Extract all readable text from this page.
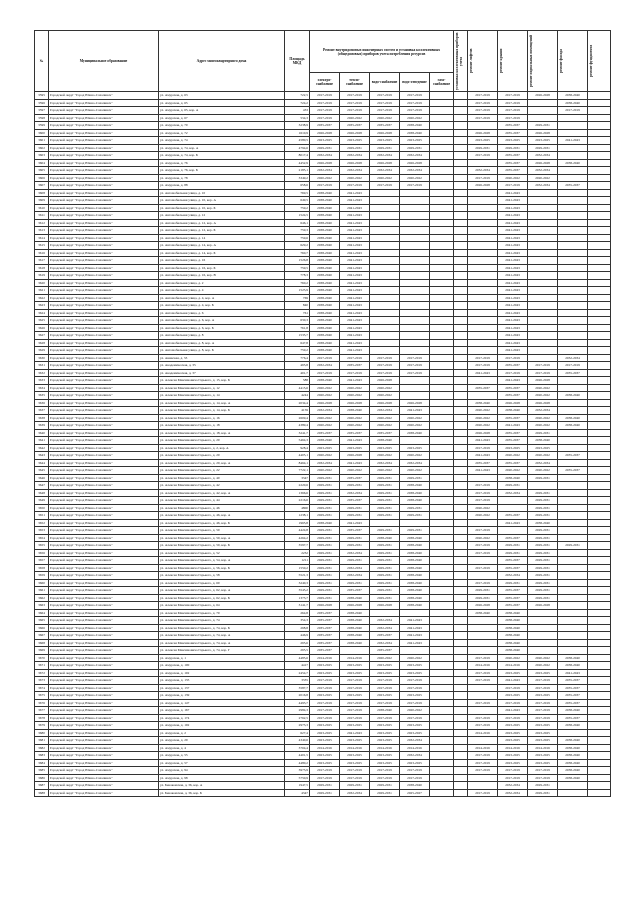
№	Муниципальное образование	Адрес многоквартирного дома	Площадь МКД	Ремонт внутридомовых инженерных систем и установка коллективных (общедомовых) приборов учета потребления ресурсов					установка коллективных приборов учета	ремонт лифтов	ремонт крыши	ремонт подвальных помещений	ремонт фасада	ремонт фундамента

				электро-снабжение	тепло-снабжение	водо-снабжение	водо-отведение	газо-снабжение						
3595	Городской округ "Город Южно-Сахалинск"	ул. Амурская, д. 63	722,5	2017-2019	2017-2019	2017-2019	2017-2019			2017-2019	2017-2019	2026-2028	2038-2040	
3596	Городской округ "Город Южно-Сахалинск"	ул. Амурская, д. 65	724,2	2017-2019	2017-2019	2017-2019	2017-2019			2017-2019	2017-2019		2038-2040	
3597	Городской округ "Город Южно-Сахалинск"	ул. Амурская, д. 65, кор. А	433	2017-2019	2017-2019	2017-2019	2017-2019			2017-2019	2017-2019		2017-2019	
3598	Городской округ "Город Южно-Сахалинск"	ул. Амурская, д. 67	534,3	2017-2019	2020-2022	2020-2022	2020-2022			2017-2019	2017-2019			
3599	Городской округ "Город Южно-Сахалинск"	ул. Амурская, д. 70	3238,9	2035-2037	2035-2037	2035-2037	2038-2040				2035-2037	2029-2031		
3600	Городской округ "Город Южно-Сахалинск"	ул. Амурская, д. 72	1610,9	2026-2028	2026-2028	2026-2028	2038-2040			2026-2028	2035-2037	2026-2028		
3601	Городской округ "Город Южно-Сахалинск"	ул. Амурская, д. 74	4580,5	2023-2025	2023-2025	2023-2025	2023-2025			2023-2025	2023-2025	2023-2025	2041-2043	
3602	Городской округ "Город Южно-Сахалинск"	ул. Амурская, д. 74, кор. А	4794,6	2029-2031	2029-2031	2029-2031	2029-2031			2029-2031	2029-2031	2029-2031		
3603	Городской округ "Город Южно-Сахалинск"	ул. Амурская, д. 74, кор. Б	8017,4	2032-2034	2032-2034	2032-2034	2032-2034			2017-2019	2035-2037	2032-2034		
3604	Городской округ "Город Южно-Сахалинск"	ул. Амурская, д. 76	4452,9	2026-2028	2026-2028	2026-2028	2026-2028				2035-2037	2026-2028	2038-2040	
3605	Городской округ "Город Южно-Сахалинск"	ул. Амурская, д. 76, кор. Б	2185,1	2032-2034	2032-2034	2032-2034	2032-2034			2032-2034	2035-2037	2032-2034		
3606	Городской округ "Город Южно-Сахалинск"	ул. Амурская, д. 78	3349,2	2020-2022	2020-2022	2020-2022	2020-2022			2017-2019	2020-2022	2020-2022		
3607	Городской округ "Город Южно-Сахалинск"	ул. Амурская, д. 88	658,6	2017-2019	2017-2019	2017-2019	2017-2019			2026-2028	2017-2019	2032-2034	2035-2037	
3608	Городской округ "Город Южно-Сахалинск"	ул. Автомобильная улица, д. 10	769,5	2038-2040	2041-2043						2041-2043			
3609	Городской округ "Город Южно-Сахалинск"	ул. Автомобильная улица, д. 10, кор. А	649,5	2038-2040	2041-2043						2041-2043			
3610	Городской округ "Город Южно-Сахалинск"	ул. Автомобильная улица, д. 10, кор. Б	759,2	2038-2040	2041-2043						2041-2043			
3611	Городской округ "Город Южно-Сахалинск"	ул. Автомобильная улица, д. 12	1524,5	2038-2040	2041-2043						2041-2043			
3612	Городской округ "Город Южно-Сахалинск"	ул. Автомобильная улица, д. 12, кор. А	646,1	2038-2040	2041-2043						2041-2043			
3613	Городской округ "Город Южно-Сахалинск"	ул. Автомобильная улица, д. 12, кор. Б	759,3	2038-2040	2041-2043						2041-2043			
3614	Городской округ "Город Южно-Сахалинск"	ул. Автомобильная улица, д. 14	759,6	2038-2040	2041-2043						2041-2043			
3615	Городской округ "Город Южно-Сахалинск"	ул. Автомобильная улица, д. 14, кор. А	629,2	2038-2040	2041-2043						2041-2043			
3616	Городской округ "Город Южно-Сахалинск"	ул. Автомобильная улица, д. 14, кор. Б	760,7	2038-2040	2041-2043						2041-2043			
3617	Городской округ "Город Южно-Сахалинск"	ул. Автомобильная улица, д. 16	1526,8	2038-2040	2041-2043						2041-2043			
3618	Городской округ "Город Южно-Сахалинск"	ул. Автомобильная улица, д. 16, кор. Б	759,5	2038-2040	2041-2043						2041-2043			
3619	Городской округ "Город Южно-Сахалинск"	ул. Автомобильная улица, д. 16, кор. В	778,3	2038-2040	2041-2043						2041-2043			
3620	Городской округ "Город Южно-Сахалинск"	ул. Автомобильная улица, д. 2	760,2	2038-2040	2041-2043						2041-2043			
3621	Городской округ "Город Южно-Сахалинск"	ул. Автомобильная улица, д. 4	1523,9	2038-2040	2041-2043						2041-2043			
3622	Городской округ "Город Южно-Сахалинск"	ул. Автомобильная улица, д. 4, кор. А	769	2038-2040	2041-2043						2041-2043			
3623	Городской округ "Город Южно-Сахалинск"	ул. Автомобильная улица, д. 4, кор. Б	840	2038-2040	2041-2043						2041-2043			
3624	Городской округ "Город Южно-Сахалинск"	ул. Автомобильная улица, д. 6	761	2038-2040	2041-2043						2041-2043			
3625	Городской округ "Город Южно-Сахалинск"	ул. Автомобильная улица, д. 6, кор. А	630,3	2038-2040	2041-2043						2041-2043			
3626	Городской округ "Город Южно-Сахалинск"	ул. Автомобильная улица, д. 6, кор. Б	761,8	2038-2040	2041-2043						2041-2043			
3627	Городской округ "Город Южно-Сахалинск"	ул. Автомобильная улица, д. 8	1535,7	2038-2040	2041-2043						2041-2043			
3628	Городской округ "Город Южно-Сахалинск"	ул. Автомобильная улица, д. 8, кор. А	647,8	2038-2040	2041-2043						2041-2043			
3629	Городской округ "Город Южно-Сахалинск"	ул. Автомобильная улица, д. 8, кор. Б	759,2	2038-2040	2041-2043						2041-2043			
3630	Городской округ "Город Южно-Сахалинск"	ул. Анивская, д. 33	776,4	2017-2019	2017-2019	2017-2019	2017-2019			2017-2019	2017-2019		2032-2034	
3631	Городской округ "Город Южно-Сахалинск"	ул. Академическая, д. 35	495,8	2032-2034	2035-2037	2017-2019	2017-2019			2017-2019	2035-2037	2017-2019	2017-2019	
3632	Городской округ "Город Южно-Сахалинск"	ул. Академическая, д. 37	401,7	2017-2019	2017-2019	2017-2019	2017-2019			2041-2043	2017-2019	2017-2019	2035-2037	
3633	Городской округ "Город Южно-Сахалинск"	ул. Алексея Максимовича Горького, д. 15, кор. Б	588	2038-2040	2041-2043	2026-2028					2041-2043	2026-2028		
3634	Городской округ "Город Южно-Сахалинск"	ул. Алексея Максимовича Горького, д. 12	4415,6	2020-2022	2020-2022	2020-2022				2035-2037	2035-2037	2020-2022		
3635	Городской округ "Город Южно-Сахалинск"	ул. Алексея Максимовича Горького, д. 14	4244	2020-2022	2020-2022	2020-2022					2035-2037	2020-2022	2038-2040	
3636	Городской округ "Город Южно-Сахалинск"	ул. Алексея Максимовича Горького, д. 14, кор. А	2034,4	2026-2028	2026-2028	2026-2028	2026-2028			2038-2040	2026-2028	2026-2028		
3637	Городской округ "Город Южно-Сахалинск"	ул. Алексея Максимовича Горького, д. 14, кор. Б	4159	2032-2034	2038-2040	2032-2034	2041-2043			2020-2022	2038-2040	2032-2034		
3638	Городской округ "Город Южно-Сахалинск"	ул. Алексея Максимовича Горького, д. 16	2609,4	2020-2022	2020-2022	2020-2022	2020-2022			2020-2022	2035-2037	2020-2022	2038-2040	
3639	Городской округ "Город Южно-Сахалинск"	ул. Алексея Максимовича Горького, д. 18	4389,4	2020-2022	2020-2022	2020-2022	2020-2022			2020-2022	2041-2043	2020-2022	2038-2040	
3640	Городской округ "Город Южно-Сахалинск"	ул. Алексея Максимовича Горького, д. 18, кор. А	3241,7	2035-2037	2035-2037	2035-2037	2038-2040			2026-2028	2035-2037	2029-2031		
3641	Городской округ "Город Южно-Сахалинск"	ул. Алексея Максимовича Горького, д. 20	5464,3	2038-2040	2041-2043	2038-2040				2041-2043	2035-2037	2038-2040		
3642	Городской округ "Город Южно-Сахалинск"	ул. Алексея Максимовича Горького, д. 2, кор. А	928,4	2023-2025	2023-2025	2023-2025	2023-2025			2017-2019	2023-2025	2023-2025		
3643	Городской округ "Город Южно-Сахалинск"	ул. Алексея Максимовича Горького, д. 20	4405,1	2020-2022	2026-2028	2020-2022	2020-2022			2041-2043	2020-2022	2020-2022	2035-2037	
3644	Городской округ "Город Южно-Сахалинск"	ул. Алексея Максимовича Горького, д. 20, кор. А	8464,1	2032-2034	2041-2043	2032-2034	2032-2034			2035-2037	2035-2037	2032-2034		
3645	Городской округ "Город Южно-Сахалинск"	ул. Алексея Максимовича Горького, д. 22	7722,1	2020-2022	2020-2022	2020-2022	2020-2022			2041-2043	2020-2022	2020-2022	2035-2037	
3646	Городской округ "Город Южно-Сахалинск"	ул. Алексея Максимовича Горького, д. 40	3347	2029-2031	2035-2037	2029-2031	2029-2031				2038-2040	2029-2031		
3647	Городской округ "Город Южно-Сахалинск"	ул. Алексея Максимовича Горького, д. 42	2220,6	2029-2031	2029-2031	2029-2031	2038-2040			2017-2019	2029-2031			
3648	Городской округ "Город Южно-Сахалинск"	ул. Алексея Максимовича Горького, д. 42, кор. А	1366,6	2029-2031	2032-2034	2029-2031	2038-2040			2017-2019	2032-2034	2029-2031		
3649	Городской округ "Город Южно-Сахалинск"	ул. Алексея Максимовича Горького, д. 44	2216,6	2029-2031	2035-2037	2029-2031	2038-2040			2017-2019		2029-2031		
3650	Городской округ "Город Южно-Сахалинск"	ул. Алексея Максимовича Горького, д. 46	4800	2029-2031	2029-2031	2029-2031	2029-2031			2020-2022		2029-2031		
3651	Городской округ "Город Южно-Сахалинск"	ул. Алексея Максимовича Горького, д. 46, кор. А	1238,1	2029-2031	2029-2031	2029-2031	2029-2031			2020-2022	2035-2037	2029-2031		
3652	Городской округ "Город Южно-Сахалинск"	ул. Алексея Максимовича Горького, д. 46, кор. Б	1965,8	2038-2040	2041-2043						2041-2043	2038-2040		
3653	Городской округ "Город Южно-Сахалинск"	ул. Алексея Максимовича Горького, д. 50	4424,8	2029-2031	2035-2037	2029-2031	2029-2031			2017-2019		2029-2031		
3654	Городской округ "Город Южно-Сахалинск"	ул. Алексея Максимовича Горького, д. 50, кор. А	4264,2	2029-2031	2029-2031	2038-2040	2038-2040			2020-2022	2035-2037	2029-2031		
3655	Городской округ "Город Южно-Сахалинск"	ул. Алексея Максимовича Горького, д. 50, кор. Б	3597,7	2029-2031	2029-2031	2029-2031	2038-2040			2017-2019	2029-2031	2029-2031	2029-2031	
3656	Городской округ "Город Южно-Сахалинск"	ул. Алексея Максимовича Горького, д. 52	2232	2029-2031	2032-2034	2029-2031	2038-2040			2017-2019	2029-2031	2029-2031		
3657	Городской округ "Город Южно-Сахалинск"	ул. Алексея Максимовича Горького, д. 54, кор. А	1211	2029-2031	2029-2031	2029-2031	2038-2040				2035-2037	2029-2031		
3658	Городской округ "Город Южно-Сахалинск"	ул. Алексея Максимовича Горького, д. 56, кор. Б	1550,2	2029-2031	2032-2034	2029-2031	2038-2040			2017-2019	2035-2037	2029-2031		
3659	Городской округ "Город Южно-Сахалинск"	ул. Алексея Максимовича Горького, д. 58	5521,3	2029-2031	2032-2034	2029-2031	2038-2040				2032-2034	2029-2031		
3660	Городской округ "Город Южно-Сахалинск"	ул. Алексея Максимовича Горького, д. 60	3240,3	2029-2031	2029-2031	2029-2031	2038-2040			2017-2019	2029-2031	2029-2031		
3661	Городской округ "Город Южно-Сахалинск"	ул. Алексея Максимовича Горького, д. 62, кор. А	3545,2	2029-2031	2035-2037	2029-2031	2038-2040			2029-2031	2035-2037	2029-2031		
3662	Городской округ "Город Южно-Сахалинск"	ул. Алексея Максимовича Горького, д. 62, кор. Б	1373,7	2029-2031	2038-2040	2029-2031	2038-2040			2029-2031	2035-2037	2029-2031		
3663	Городской округ "Город Южно-Сахалинск"	ул. Алексея Максимовича Горького, д. 64	3141,7	2026-2028	2026-2028	2026-2028	2038-2040			2026-2028	2035-2037	2026-2028		
3664	Городской округ "Город Южно-Сахалинск"	ул. Алексея Максимовича Горького, д. 70	264,8	2035-2037	2038-2040					2038-2040	2038-2040			
3665	Городской округ "Город Южно-Сахалинск"	ул. Алексея Максимовича Горького, д. 74	354,3	2035-2037	2038-2040	2032-2034	2041-2043				2038-2040			
3666	Городской округ "Город Южно-Сахалинск"	ул. Алексея Максимовича Горького, д. 74, кор. Б	298,8	2035-2037	2038-2040	2032-2034	2041-2043				2038-2040			
3667	Городской округ "Город Южно-Сахалинск"	ул. Алексея Максимовича Горького, д. 74, кор. А	446,9	2035-2037	2038-2040	2035-2037	2041-2043				2038-2040			
3668	Городской округ "Город Южно-Сахалинск"	ул. Алексея Максимовича Горького, д. 74, кор. А	295,6	2035-2037	2038-2040	2032-2034	2041-2043				2038-2040			
3669	Городской округ "Город Южно-Сахалинск"	ул. Алексея Максимовича Горького, д. 74, кор. Г	295,5	2035-2037		2035-2037					2038-2040			
3670	Городской округ "Город Южно-Сахалинск"	ул. Амурская, д. 1	4485,6	2014-2016	2014-2016	2020-2022	2020-2022			2017-2019	2020-2022	2020-2022	2038-2040	
3671	Городской округ "Город Южно-Сахалинск"	ул. Амурская, д. 100	4417	2023-2025	2023-2025	2023-2025	2023-2025			2014-2016	2014-2016	2020-2022	2038-2040	
3672	Городской округ "Город Южно-Сахалинск"	ул. Амурская, д. 102	2454,7	2023-2025	2023-2025	2023-2025	2023-2025			2017-2019	2023-2025	2023-2025	2041-2043	
3673	Городской округ "Город Южно-Сахалинск"	ул. Амурская, д. 135	3335	2017-2019	2017-2019	2017-2019	2017-2019			2017-2019	2041-2043	2017-2019	2035-2037	
3674	Городской округ "Город Южно-Сахалинск"	ул. Амурская, д. 137	3587,7	2017-2019	2017-2019	2017-2019	2017-2019				2017-2019	2017-2019	2035-2037	
3675	Городской округ "Город Южно-Сахалинск"	ул. Амурская, д. 139	2016,8	2023-2025	2023-2025	2023-2025	2023-2025				2023-2025	2023-2025	2035-2037	
3676	Городской округ "Город Южно-Сахалинск"	ул. Амурская, д. 147	4493,7	2017-2019	2017-2019	2017-2019	2017-2019			2017-2019	2017-2019	2017-2019	2035-2037	
3677	Городской округ "Город Южно-Сахалинск"	ул. Амурская, д. 167	2984,3	2017-2019	2017-2019	2038-2040	2020-2022				2041-2043	2017-2019	2038-2040	
3678	Городской округ "Город Южно-Сахалинск"	ул. Амурская, д. 174	2762,5	2017-2019	2017-2019	2017-2019	2017-2019			2017-2019	2017-2019	2017-2019	2035-2037	
3679	Городской округ "Город Южно-Сахалинск"	ул. Амурская, д. 192	2973,3	2023-2025	2023-2025	2023-2025	2023-2025			2017-2019	2023-2025	2023-2025	2038-2040	
3680	Городской округ "Город Южно-Сахалинск"	ул. Амурская, д. 2	627,4	2023-2025	2041-2043	2023-2025	2023-2025			2014-2016	2023-2025	2023-2025		
3681	Городской округ "Город Южно-Сахалинск"	ул. Амурская, д. 29	4340,6	2023-2025	2023-2025	2023-2025	2032-2034				2023-2025	2023-2025	2038-2040	
3682	Городской округ "Город Южно-Сахалинск"	ул. Амурская, д. 4	3704,4	2014-2016	2014-2016	2014-2016	2014-2016			2014-2016	2014-2016	2014-2016	2038-2040	
3683	Городской округ "Город Южно-Сахалинск"	ул. Амурская, д. 55	4401,5	2023-2025	2023-2025	2023-2025	2032-2034			2017-2019	2023-2025	2023-2025	2038-2040	
3684	Городской округ "Город Южно-Сахалинск"	ул. Амурская, д. 57	4480,2	2023-2025	2023-2025	2023-2025	2023-2025			2017-2019	2023-2025	2023-2025	2038-2040	
3685	Городской округ "Город Южно-Сахалинск"	ул. Амурская, д. 94	3973,9	2017-2019	2017-2019	2017-2019	2017-2019			2017-2019	2017-2019	2017-2019	2038-2040	
3686	Городской округ "Город Южно-Сахалинск"	ул. Амурская, д. 98	5750,9	2017-2019	2017-2019	2017-2019	2017-2019				2017-2019	2017-2019	2038-2040	
3687	Городской округ "Город Южно-Сахалинск"	ул. Бенакомская, д. 36, кор. А	1947,5	2029-2031	2029-2031	2029-2031	2038-2040				2032-2034	2029-2031		
3688	Городской округ "Город Южно-Сахалинск"	ул. Бенакомская, д. 36, кор. Б	4347	2029-2031	2032-2034	2029-2031	2025-2027			2017-2019	2032-2034	2029-2031		
